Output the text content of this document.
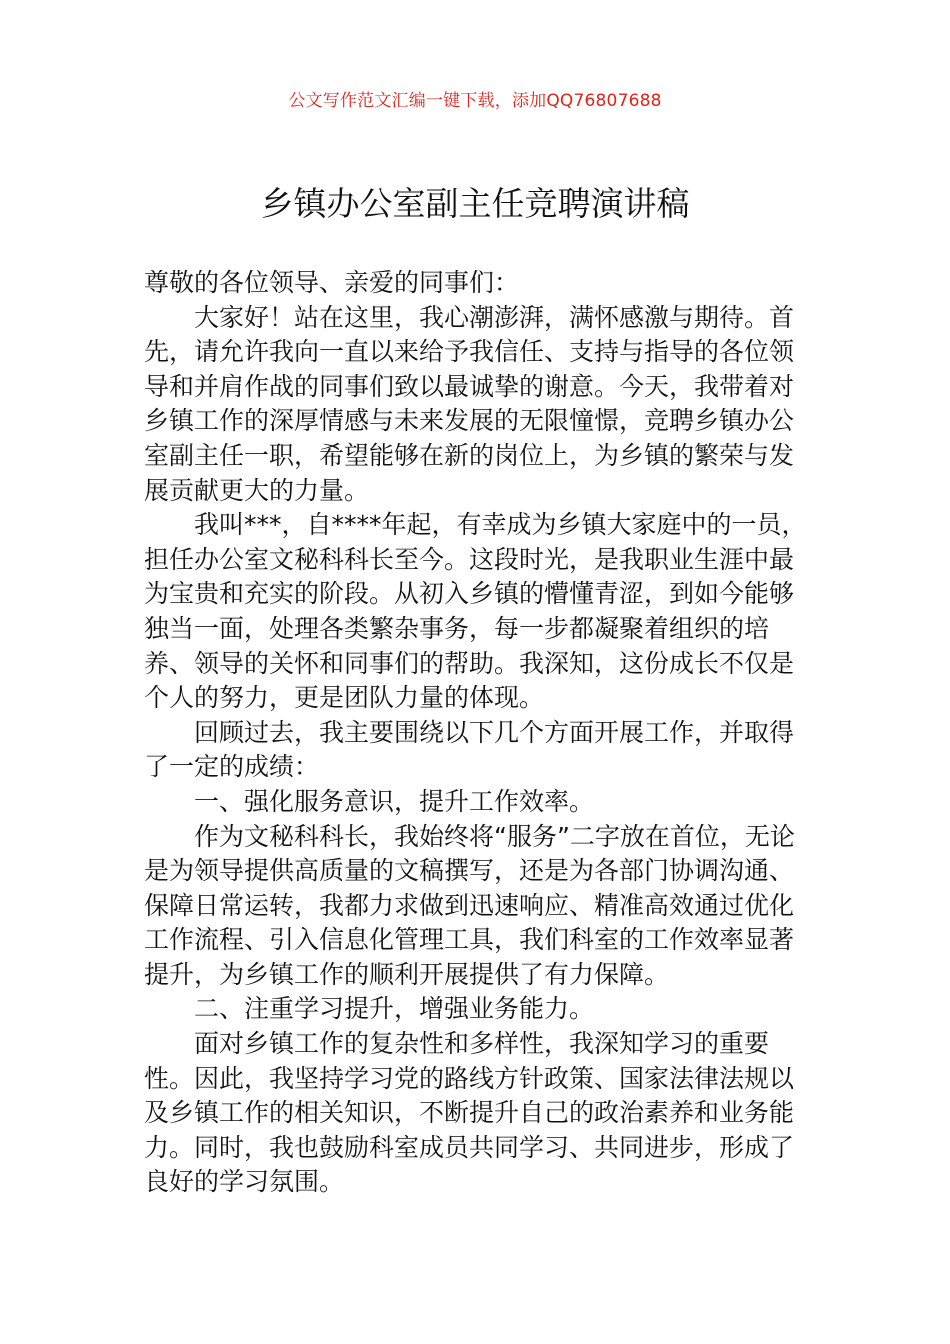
公文写作范文汇编一键下载，添加QQ76807688
乡镇办公室副主任竞聘演讲稿

尊敬的各位领导、亲爱的同事们：

大家好！站在这里，我心潮澎湃，满怀感激与期待。首先，请允许我向一直以来给予我信任、支持与指导的各位领导和并肩作战的同事们致以最诚挚的谢意。今天，我带着对乡镇工作的深厚情感与未来发展的无限憧憬，竞聘乡镇办公室副主任一职，希望能够在新的岗位上，为乡镇的繁荣与发展贡献更大的力量。

我叫***，自****年起，有幸成为乡镇大家庭中的一员，担任办公室文秘科科长至今。这段时光，是我职业生涯中最为宝贵和充实的阶段。从初入乡镇的懵懂青涩，到如今能够独当一面，处理各类繁杂事务，每一步都凝聚着组织的培养、领导的关怀和同事们的帮助。我深知，这份成长不仅是个人的努力，更是团队力量的体现。

回顾过去，我主要围绕以下几个方面开展工作，并取得了一定的成绩：

一、强化服务意识，提升工作效率。

作为文秘科科长，我始终将“服务”二字放在首位，无论是为领导提供高质量的文稿撰写，还是为各部门协调沟通、保障日常运转，我都力求做到迅速响应、精准高效通过优化工作流程、引入信息化管理工具，我们科室的工作效率显著提升，为乡镇工作的顺利开展提供了有力保障。

二、注重学习提升，增强业务能力。

面对乡镇工作的复杂性和多样性，我深知学习的重要性。因此，我坚持学习党的路线方针政策、国家法律法规以及乡镇工作的相关知识，不断提升自己的政治素养和业务能力。同时，我也鼓励科室成员共同学习、共同进步，形成了良好的学习氛围。
